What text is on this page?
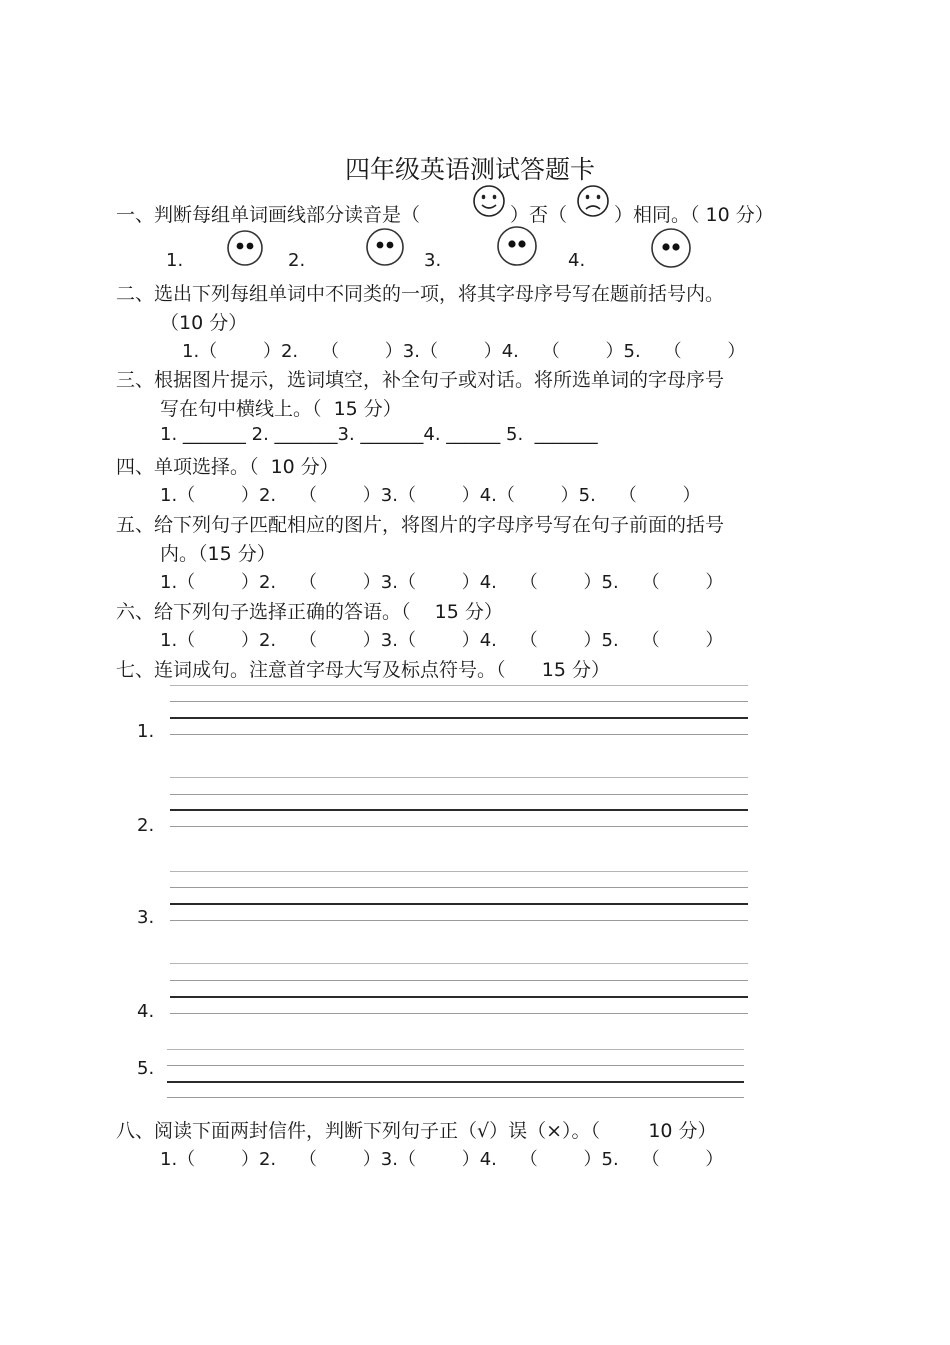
四年级英语测试答题卡
一、判断每组单词画线部分读音是（	）否（ ）相同。（ 10 分）
1.	2.	3.	4.
二、选出下列每组单词中不同类的一项，将其字母序号写在题前括号内。
（10 分）
1.（        ）2.    （        ）3.（        ）4.    （        ）5.    （        ）
三、根据图片提示，选词填空，补全句子或对话。将所选单词的字母序号
写在句中横线上。（  15 分）
1. _______ 2. _______3. _______4. ______ 5.  _______
四、单项选择。（  10 分）
1.（        ）2.    （        ）3.（        ）4.（        ）5.    （        ）
五、给下列句子匹配相应的图片，将图片的字母序号写在句子前面的括号
内。（15 分）
1.（        ）2.    （        ）3.（        ）4.    （        ）5.    （        ）
六、给下列句子选择正确的答语。（    15 分）
1.（        ）2.    （        ）3.（        ）4.    （        ）5.    （        ）
七、连词成句。注意首字母大写及标点符号。（      15 分）
1.
2.
3.
4.
5.
八、阅读下面两封信件，判断下列句子正（√）误（×）。（        10 分）
1.（        ）2.    （        ）3.（        ）4.    （        ）5.    （        ）
